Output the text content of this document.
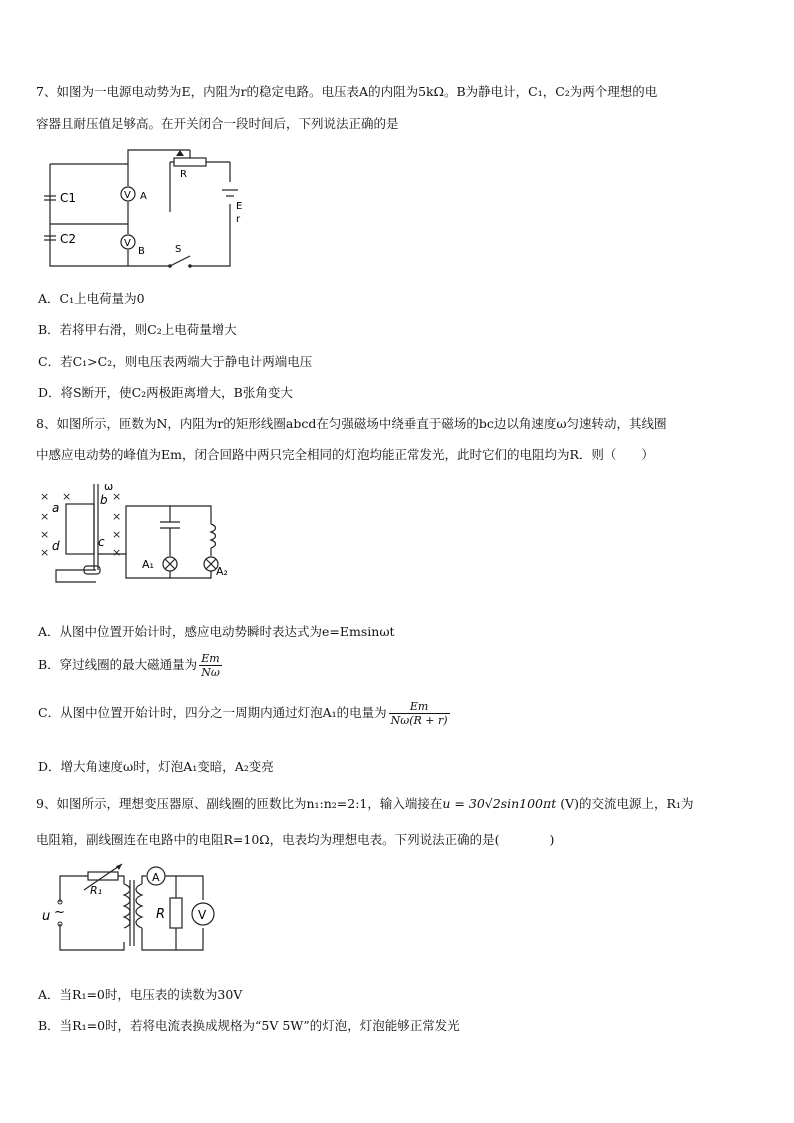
7、如图为一电源电动势为E，内阻为r的稳定电路。电压表A的内阻为5kΩ。B为静电计，C₁，C₂为两个理想的电
容器且耐压值足够高。在开关闭合一段时间后，下列说法正确的是
C1
C2
V
V
A
B
R
E
r
S
A．C₁上电荷量为0
B．若将甲右滑，则C₂上电荷量增大
C．若C₁>C₂，则电压表两端大于静电计两端电压
D．将S断开，使C₂两极距离增大，B张角变大
8、如图所示，匝数为N，内阻为r的矩形线圈abcd在匀强磁场中绕垂直于磁场的bc边以角速度ω匀速转动，其线圈
中感应电动势的峰值为Em，闭合回路中两只完全相同的灯泡均能正常发光，此时它们的电阻均为R．则（　　）
× ×	×
×	×
×	×
×	×
a
b
c
d
ω
A₁
A₂
A．从图中位置开始计时，感应电动势瞬时表达式为e=Emsinωt
B．穿过线圈的最大磁通量为 $\frac{Em}{N\omega}$
C．从图中位置开始计时，四分之一周期内通过灯泡A₁的电量为 $\frac{Em}{N\omega(R + r)}$
D．增大角速度ω时，灯泡A₁变暗，A₂变亮
9、如图所示，理想变压器原、副线圈的匝数比为n₁:n₂=2:1，输入端接在u = 30√2sin100πt (V)的交流电源上，R₁为
电阻箱，副线圈连在电路中的电阻R=10Ω，电表均为理想电表。下列说法正确的是(　　　　)
u ~
R₁
R
A
V
A．当R₁=0时，电压表的读数为30V
B．当R₁=0时，若将电流表换成规格为“5V 5W”的灯泡，灯泡能够正常发光
